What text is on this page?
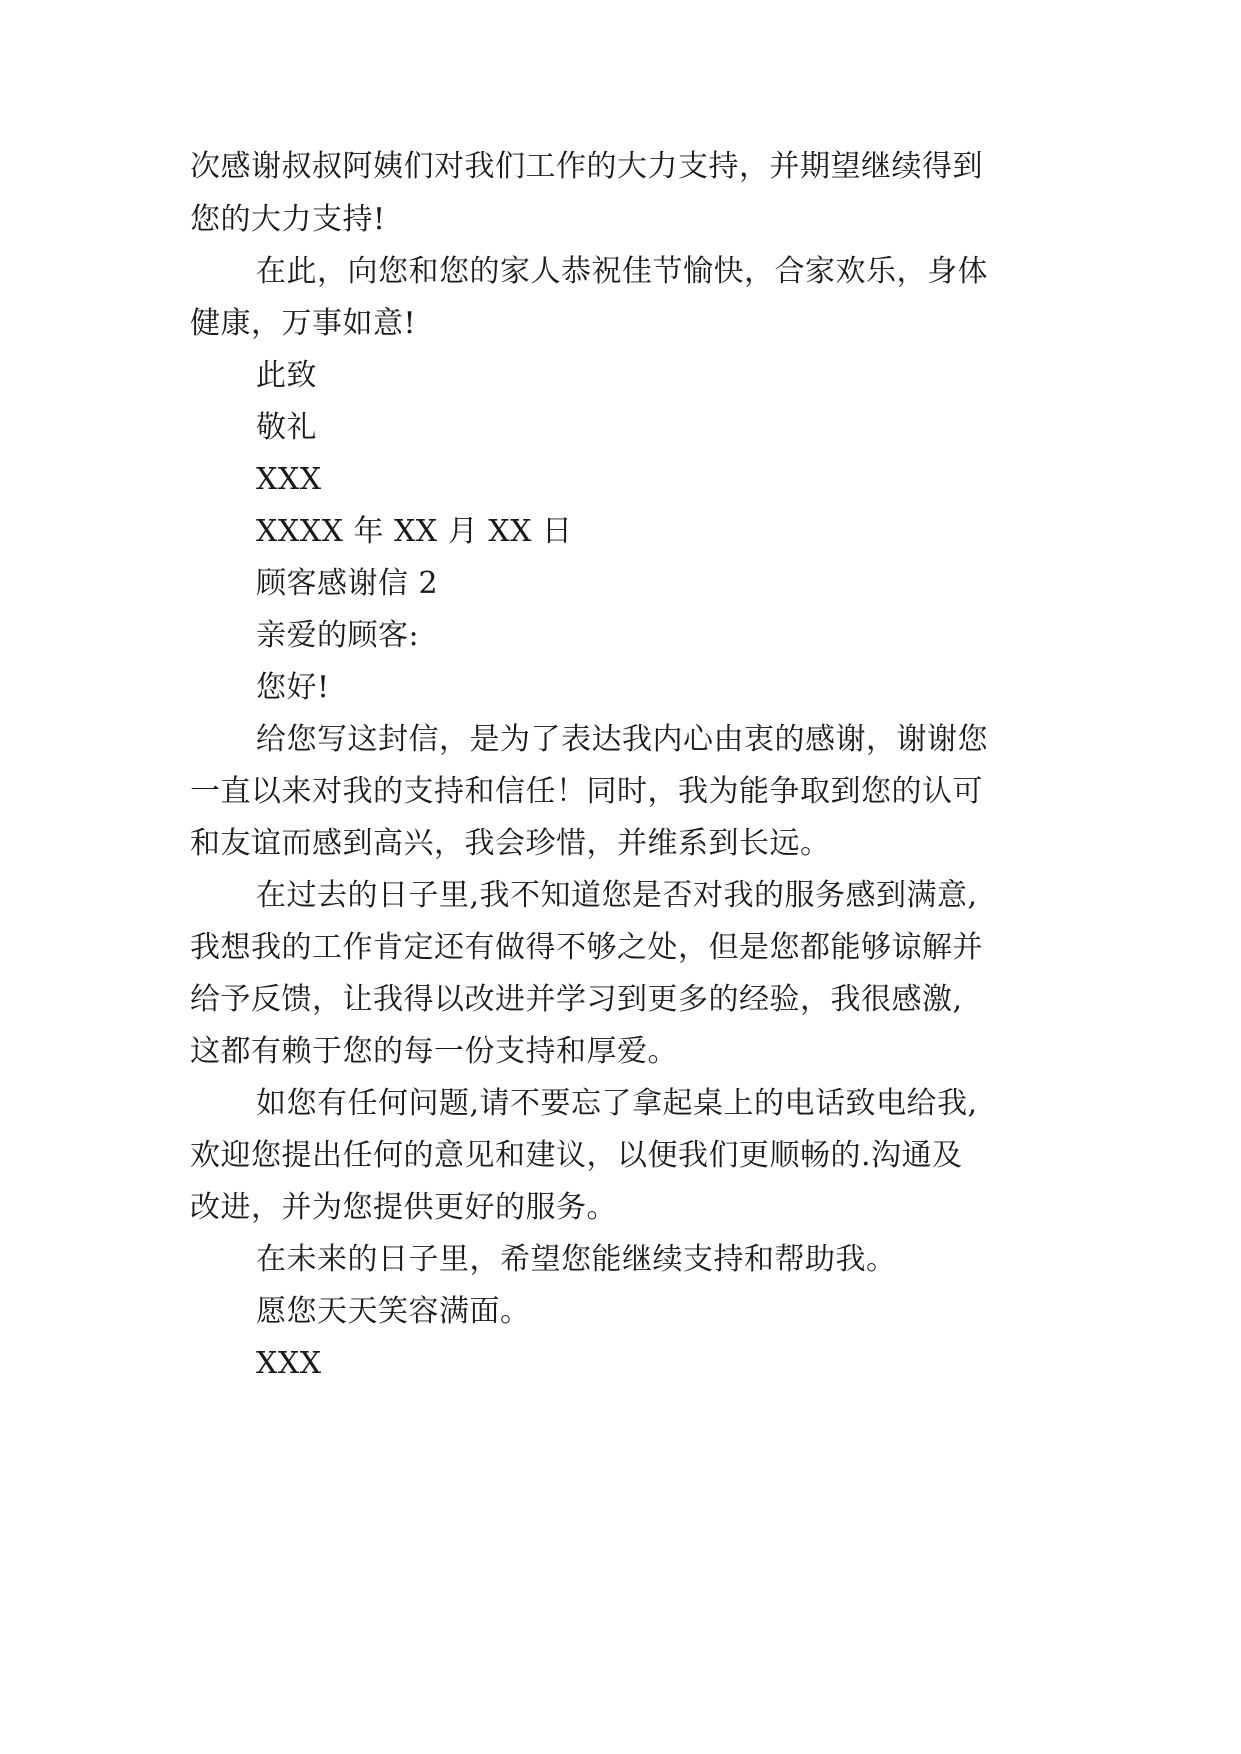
次感谢叔叔阿姨们对我们工作的大力支持，并期望继续得到
您的大力支持!
在此，向您和您的家人恭祝佳节愉快，合家欢乐，身体
健康，万事如意!
此致
敬礼
XXX
XXXX 年 XX 月 XX 日
顾客感谢信 2
亲爱的顾客:
您好!
给您写这封信，是为了表达我内心由衷的感谢，谢谢您
一直以来对我的支持和信任！同时，我为能争取到您的认可
和友谊而感到高兴，我会珍惜，并维系到长远。
在过去的日子里,我不知道您是否对我的服务感到满意,
我想我的工作肯定还有做得不够之处，但是您都能够谅解并
给予反馈，让我得以改进并学习到更多的经验，我很感激,
这都有赖于您的每一份支持和厚爱。
如您有任何问题,请不要忘了拿起桌上的电话致电给我,
欢迎您提出任何的意见和建议，以便我们更顺畅的.沟通及
改进，并为您提供更好的服务。
在未来的日子里，希望您能继续支持和帮助我。
愿您天天笑容满面。
XXX
